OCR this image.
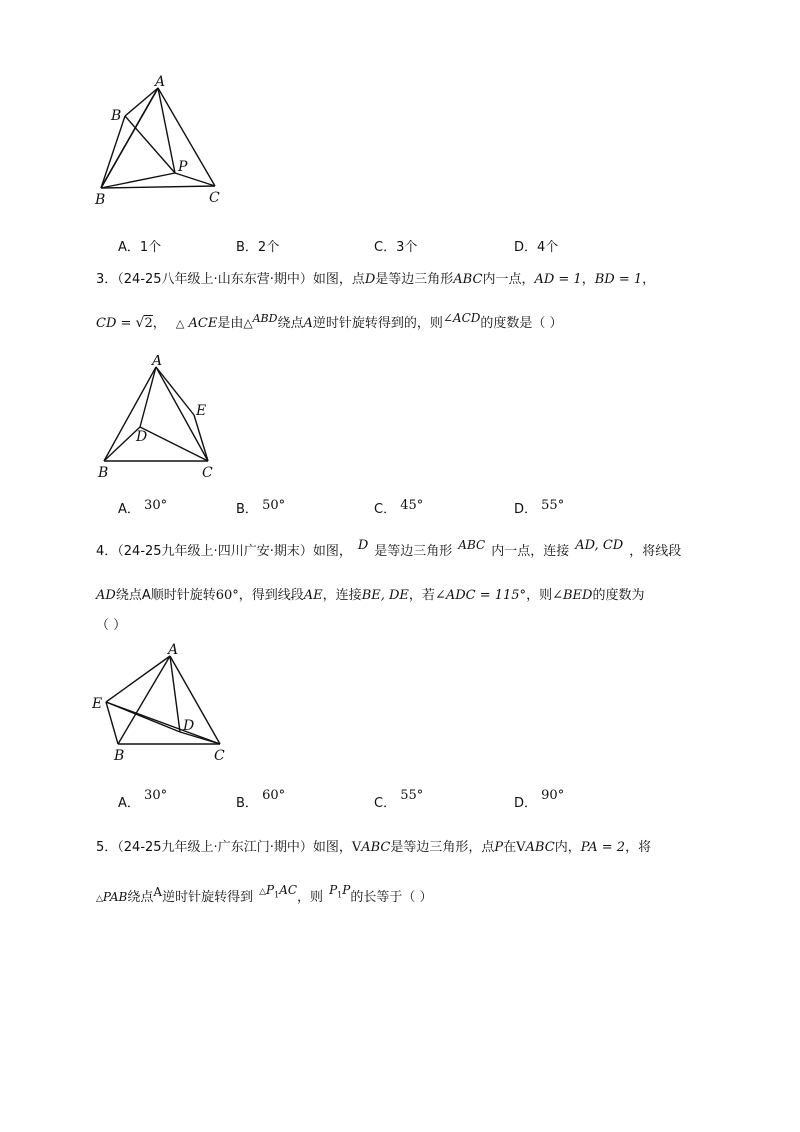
A
B
P
B	C
A．1个	B．2个	C．3个	D．4个
3．（24-25八年级上·山东东营·期中）如图，点D是等边三角形ABC内一点，AD = 1，BD = 1，
CD = √2， △ ACE是由△$^{ABD}$绕点A逆时针旋转得到的，则∠ACD的度数是（ ）
A
E
D
B	C
A． 30°	B． 50°	C． 45°	D． 55°
4．（24-25九年级上·四川广安·期末）如图， D 是等边三角形 ABC 内一点，连接 AD, CD ，将线段
AD绕点A顺时针旋转60°，得到线段AE，连接BE, DE，若∠ADC = 115°，则∠BED的度数为
（ ）
A
E
D
B	C
A． 30°
B． 60°
C． 55°
D． 90°
5．（24-25九年级上·广东江门·期中）如图，VABC是等边三角形，点P在VABC内，PA = 2，将
△PAB绕点A逆时针旋转得到 $\triangle P_1AC$，则 $P_1P$的长等于（ ）
